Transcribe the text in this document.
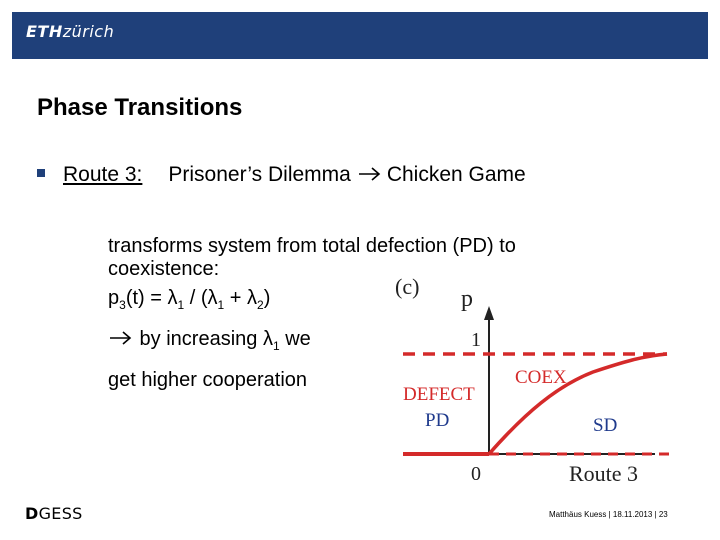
ETHzürich
Phase Transitions
Route 3: Prisoner’s Dilemma Chicken Game
transforms system from total defection (PD) to
coexistence:
$p_3(t) = \lambda_1 / (\lambda_1 + \lambda_2)$
by increasing $\lambda_1$ we
get higher cooperation
(c) p
1
0	Route 3
DEFECT
PD
COEX
SD
DGESS	Matthäus Kuess | 18.11.2013 | 23
